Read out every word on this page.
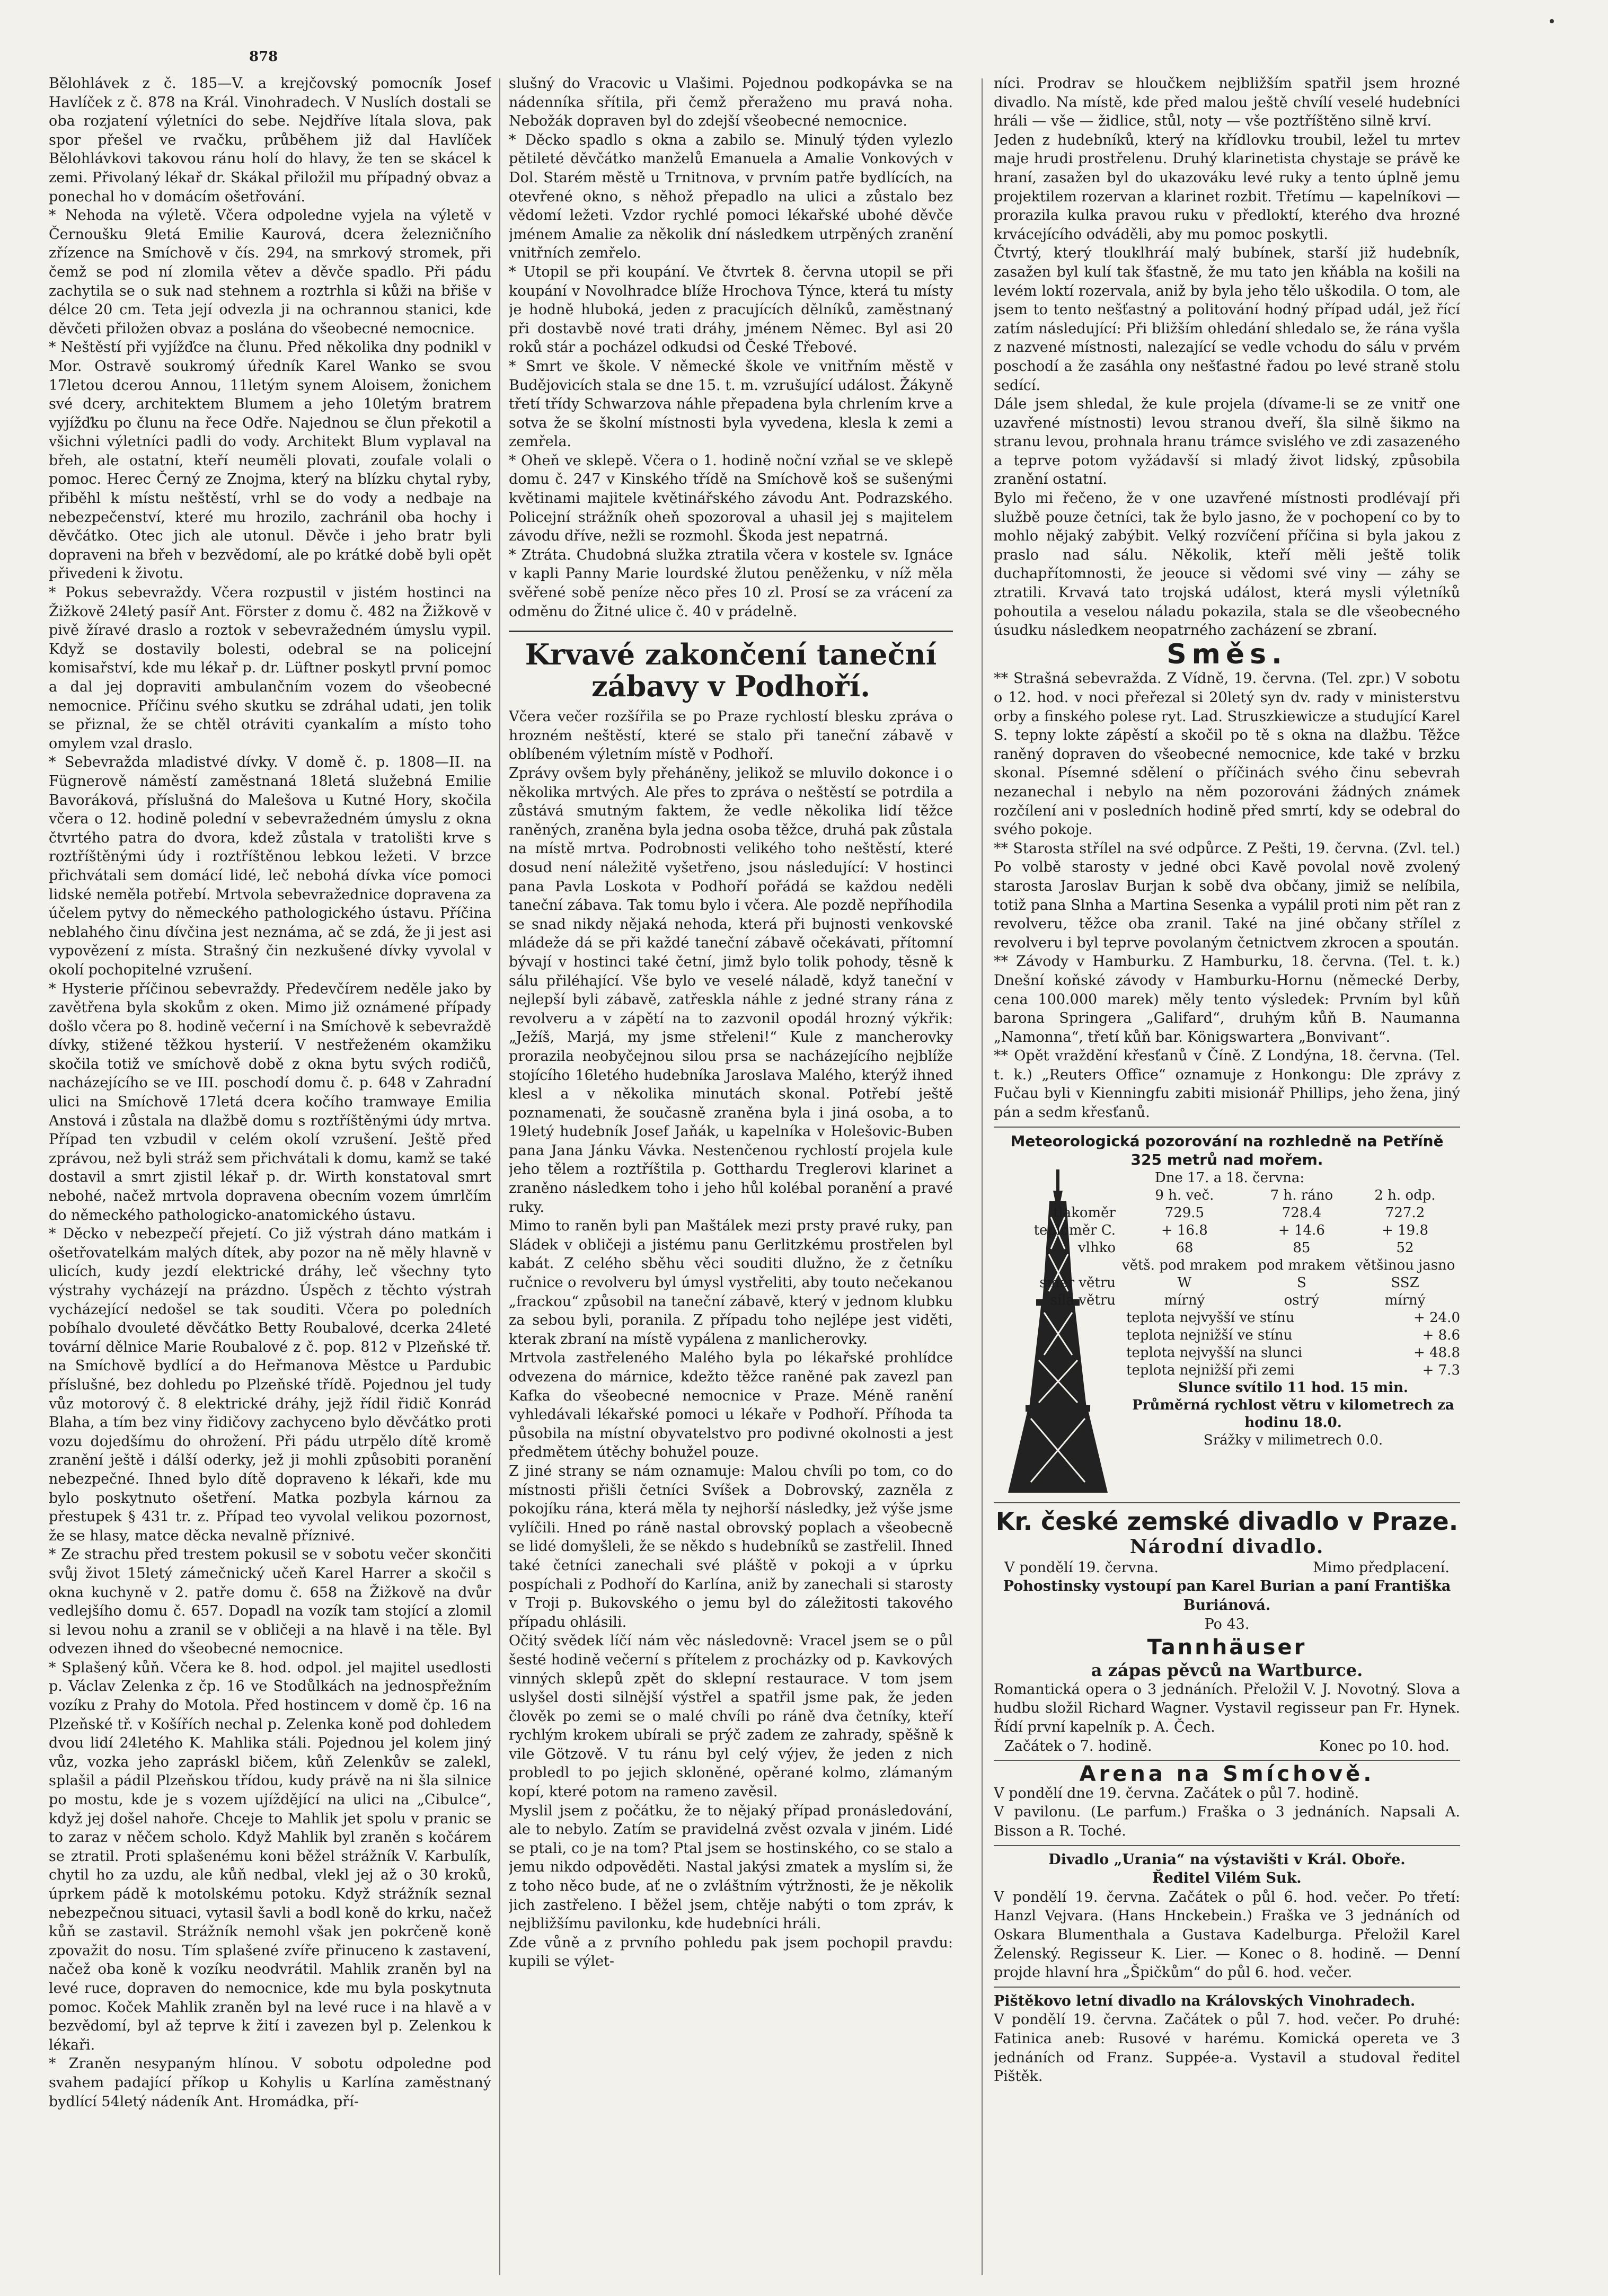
878

Bělohlávek z č. 185—V. a krejčovský pomocník Josef Havlíček z č. 878 na Král. Vinohradech. V Nuslích dostali se oba rozjatení výletníci do sebe. Nejdříve lítala slova, pak spor přešel ve rvačku, průběhem již dal Havlíček Bělohlávkovi takovou ránu holí do hlavy, že ten se skácel k zemi. Přivolaný lékař dr. Skákal přiložil mu případný obvaz a ponechal ho v domácím ošetřování.

* Nehoda na výletě. Včera odpoledne vyjela na výletě v Černoušku 9letá Emilie Kaurová, dcera železničního zřízence na Smíchově v čís. 294, na smrkový stromek, při čemž se pod ní zlomila větev a děvče spadlo. Při pádu zachytila se o suk nad stehnem a roztrhla si kůži na břiše v délce 20 cm. Teta její odvezla ji na ochrannou stanici, kde děvčeti přiložen obvaz a poslána do všeobecné nemocnice.

* Neštěstí při vyjížďce na člunu. Před několika dny podnikl v Mor. Ostravě soukromý úředník Karel Wanko se svou 17letou dcerou Annou, 11letým synem Aloisem, žonichem své dcery, architektem Blumem a jeho 10letým bratrem vyjížďku po člunu na řece Odře. Najednou se člun překotil a všichni výletníci padli do vody. Architekt Blum vyplaval na břeh, ale ostatní, kteří neuměli plovati, zoufale volali o pomoc. Herec Černý ze Znojma, který na blízku chytal ryby, přiběhl k místu neštěstí, vrhl se do vody a nedbaje na nebezpečenství, které mu hrozilo, zachránil oba hochy i děvčátko. Otec jich ale utonul. Děvče i jeho bratr byli dopraveni na břeh v bezvědomí, ale po krátké době byli opět přivedeni k životu.

* Pokus sebevraždy. Včera rozpustil v jistém hostinci na Žižkově 24letý pasíř Ant. Förster z domu č. 482 na Žižkově v pivě žíravé draslo a roztok v sebevražedném úmyslu vypil. Když se dostavily bolesti, odebral se na policejní komisařství, kde mu lékař p. dr. Lüftner poskytl první pomoc a dal jej dopraviti ambulančním vozem do všeobecné nemocnice. Příčinu svého skutku se zdráhal udati, jen tolik se přiznal, že se chtěl otráviti cyankalím a místo toho omylem vzal draslo.

* Sebevražda mladistvé dívky. V domě č. p. 1808—II. na Fügnerově náměstí zaměstnaná 18letá služebná Emilie Bavoráková, příslušná do Malešova u Kutné Hory, skočila včera o 12. hodině polední v sebevražedném úmyslu z okna čtvrtého patra do dvora, kdež zůstala v tratolišti krve s roztříštěnými údy i roztříštěnou lebkou ležeti. V brzce přichvátali sem domácí lidé, leč nebohá dívka více pomoci lidské neměla potřebí. Mrtvola sebevražednice dopravena za účelem pytvy do německého pathologického ústavu. Příčina neblahého činu dívčina jest neznáma, ač se zdá, že ji jest asi vypovězení z místa. Strašný čin nezkušené dívky vyvolal v okolí pochopitelné vzrušení.

* Hysterie příčinou sebevraždy. Předevčírem neděle jako by zavětřena byla skokům z oken. Mimo již oznámené případy došlo včera po 8. hodině večerní i na Smíchově k sebevraždě dívky, stižené těžkou hysterií. V nestřeženém okamžiku skočila totiž ve smíchově době z okna bytu svých rodičů, nacházejícího se ve III. poschodí domu č. p. 648 v Zahradní ulici na Smíchově 17letá dcera kočího tramwaye Emilia Anstová i zůstala na dlažbě domu s roztříštěnými údy mrtva. Případ ten vzbudil v celém okolí vzrušení. Ještě před zprávou, než byli stráž sem přichvátali k domu, kamž se také dostavil a smrt zjistil lékař p. dr. Wirth konstatoval smrt nebohé, načež mrtvola dopravena obecním vozem úmrlčím do německého pathologicko-anatomického ústavu.

* Děcko v nebezpečí přejetí. Co již výstrah dáno matkám i ošetřovatelkám malých dítek, aby pozor na ně měly hlavně v ulicích, kudy jezdí elektrické dráhy, leč všechny tyto výstrahy vycházejí na prázdno. Úspěch z těchto výstrah vycházející nedošel se tak souditi. Včera po poledních pobíhalo dvouleté děvčátko Betty Roubalové, dcerka 24leté tovární dělnice Marie Roubalové z č. pop. 812 v Plzeňské tř. na Smíchově bydlící a do Heřmanova Městce u Pardubic příslušné, bez dohledu po Plzeňské třídě. Pojednou jel tudy vůz motorový č. 8 elektrické dráhy, jejž řídil řidič Konrád Blaha, a tím bez viny řidičovy zachyceno bylo děvčátko proti vozu dojedšímu do ohrožení. Při pádu utrpělo dítě kromě zranění ještě i dálší oderky, jež ji mohli způsobiti poranění nebezpečné. Ihned bylo dítě dopraveno k lékaři, kde mu bylo poskytnuto ošetření. Matka pozbyla kárnou za přestupek § 431 tr. z. Případ teo vyvolal velikou pozornost, že se hlasy, matce děcka nevalně příznivé.

* Ze strachu před trestem pokusil se v sobotu večer skončiti svůj život 15letý zámečnický učeň Karel Harrer a skočil s okna kuchyně v 2. patře domu č. 658 na Žižkově na dvůr vedlejšího domu č. 657. Dopadl na vozík tam stojící a zlomil si levou nohu a zranil se v obličeji a na hlavě i na těle. Byl odvezen ihned do všeobecné nemocnice.

* Splašený kůň. Včera ke 8. hod. odpol. jel majitel usedlosti p. Václav Zelenka z čp. 16 ve Stodůlkách na jednospřežním vozíku z Prahy do Motola. Před hostincem v domě čp. 16 na Plzeňské tř. v Košířích nechal p. Zelenka koně pod dohledem dvou lidí 24letého K. Mahlika stáli. Pojednou jel kolem jiný vůz, vozka jeho zapráskl bičem, kůň Zelenkův se zalekl, splašil a pádil Plzeňskou třídou, kudy právě na ni šla silnice po mostu, kde je s vozem ujíždějící na ulici na „Cibulce“, když jej došel nahoře. Chceje to Mahlik jet spolu v pranic se to zaraz v něčem scholo. Když Mahlik byl zraněn s kočárem se ztratil. Proti splašenému koni běžel strážník V. Karbulík, chytil ho za uzdu, ale kůň nedbal, vlekl jej až o 30 kroků, úprkem pádě k motolskému potoku. Když strážník seznal nebezpečnou situaci, vytasil šavli a bodl koně do krku, načež kůň se zastavil. Strážník nemohl však jen pokrčeně koně zpovažit do nosu. Tím splašené zvíře přinuceno k zastavení, načež oba koně k vozíku neodvrátil. Mahlik zraněn byl na levé ruce, dopraven do nemocnice, kde mu byla poskytnuta pomoc. Koček Mahlik zraněn byl na levé ruce i na hlavě a v bezvědomí, byl až teprve k žití i zavezen byl p. Zelenkou k lékaři.

* Zraněn nesypaným hlínou. V sobotu odpoledne pod svahem padající příkop u Kohylis u Karlína zaměstnaný bydlící 54letý nádeník Ant. Hromádka, pří-

slušný do Vracovic u Vlašimi. Pojednou podkopávka se na nádenníka sřítila, při čemž přeraženo mu pravá noha. Nebožák dopraven byl do zdejší všeobecné nemocnice.

* Děcko spadlo s okna a zabilo se. Minulý týden vylezlo pětileté děvčátko manželů Emanuela a Amalie Vonkových v Dol. Starém městě u Trnitnova, v prvním patře bydlících, na otevřené okno, s něhož přepadlo na ulici a zůstalo bez vědomí ležeti. Vzdor rychlé pomoci lékařské ubohé děvče jménem Amalie za několik dní následkem utrpěných zranění vnitřních zemřelo.

* Utopil se při koupání. Ve čtvrtek 8. června utopil se při koupání v Novolhradce blíže Hrochova Týnce, která tu místy je hodně hluboká, jeden z pracujících dělníků, zaměstnaný při dostavbě nové trati dráhy, jménem Němec. Byl asi 20 roků stár a pocházel odkudsi od České Třebové.

* Smrt ve škole. V německé škole ve vnitřním městě v Budějovicích stala se dne 15. t. m. vzrušující událost. Žákyně třetí třídy Schwarzova náhle přepadena byla chrlením krve a sotva že se školní místnosti byla vyvedena, klesla k zemi a zemřela.

* Oheň ve sklepě. Včera o 1. hodině noční vzňal se ve sklepě domu č. 247 v Kinského třídě na Smíchově koš se sušenými květinami majitele květinářského závodu Ant. Podrazského. Policejní strážník oheň spozoroval a uhasil jej s majitelem závodu dříve, nežli se rozmohl. Škoda jest nepatrná.

* Ztráta. Chudobná služka ztratila včera v kostele sv. Ignáce v kapli Panny Marie lourdské žlutou peněženku, v níž měla svěřené sobě peníze něco přes 10 zl. Prosí se za vrácení za odměnu do Žitné ulice č. 40 v prádelně.

Krvavé zakončení taneční zábavy v Podhoří.

Včera večer rozšířila se po Praze rychlostí blesku zpráva o hrozném neštěstí, které se stalo při taneční zábavě v oblíbeném výletním místě v Podhoří.

Zprávy ovšem byly přeháněny, jelikož se mluvilo dokonce i o několika mrtvých. Ale přes to zpráva o neštěstí se potrdila a zůstává smutným faktem, že vedle několika lidí těžce raněných, zraněna byla jedna osoba těžce, druhá pak zůstala na místě mrtva. Podrobnosti velikého toho neštěstí, které dosud není náležitě vyšetřeno, jsou následující: V hostinci pana Pavla Loskota v Podhoří pořádá se každou neděli taneční zábava. Tak tomu bylo i včera. Ale pozdě nepříhodila se snad nikdy nějaká nehoda, která při bujnosti venkovské mládeže dá se při každé taneční zábavě očekávati, přítomní bývají v hostinci také četní, jimž bylo tolik pohody, těsně k sálu přiléhající. Vše bylo ve veselé náladě, když taneční v nejlepší byli zábavě, zatřeskla náhle z jedné strany rána z revolveru a v zápětí na to zazvonil opodál hrozný výkřik: „Ježíš, Marjá, my jsme střeleni!“ Kule z mancherovky prorazila neobyčejnou silou prsa se nacházejícího nejblíže stojícího 16letého hudebníka Jaroslava Malého, kterýž ihned klesl a v několika minutách skonal. Potřebí ještě poznamenati, že současně zraněna byla i jiná osoba, a to 19letý hudebník Josef Jaňák, u kapelníka v Holešovic-Buben pana Jana Jánku Vávka. Nestenčenou rychlostí projela kule jeho tělem a roztříštila p. Gotthardu Treglerovi klarinet a zraněno následkem toho i jeho hůl kolébal poranění a pravé ruky.

Mimo to raněn byli pan Maštálek mezi prsty pravé ruky, pan Sládek v obličeji a jistému panu Gerlitzkému prostřelen byl kabát. Z celého sběhu věci souditi dlužno, že z četníku ručnice o revolveru byl úmysl vystřeliti, aby touto nečekanou „frackou“ způsobil na taneční zábavě, který v jednom klubku za sebou byli, poranila. Z případu toho nejlépe jest viděti, kterak zbraní na místě vypálena z manlicherovky.

Mrtvola zastřeleného Malého byla po lékařské prohlídce odvezena do márnice, kdežto těžce raněné pak zavezl pan Kafka do všeobecné nemocnice v Praze. Méně ranění vyhledávali lékařské pomoci u lékaře v Podhoří. Příhoda ta působila na místní obyvatelstvo pro podivné okolnosti a jest předmětem útěchy bohužel pouze.

Z jiné strany se nám oznamuje: Malou chvíli po tom, co do místnosti přišli četníci Svíšek a Dobrovský, zazněla z pokojíku rána, která měla ty nejhorší následky, jež výše jsme vylíčili. Hned po ráně nastal obrovský poplach a všeobecně se lidé domyšleli, že se někdo s hudebníků se zastřelil. Ihned také četníci zanechali své pláště v pokoji a v úprku pospíchali z Podhoří do Karlína, aniž by zanechali si starosty v Troji p. Bukovského o jemu byl do záležitosti takového případu ohlásili.

Očitý svědek líčí nám věc následovně: Vracel jsem se o půl šesté hodině večerní s přítelem z procházky od p. Kavkových vinných sklepů zpět do sklepní restaurace. V tom jsem uslyšel dosti silnější výstřel a spatřil jsme pak, že jeden člověk po zemi se o malé chvíli po ráně dva četníky, kteří rychlým krokem ubírali se prýč zadem ze zahrady, spěšně k vile Götzově. V tu ránu byl celý výjev, že jeden z nich probledl to po jejich skloněné, opěrané kolmo, zlámaným kopí, které potom na rameno zavěsil.

Myslil jsem z počátku, že to nějaký případ pronásledování, ale to nebylo. Zatím se pravidelná zvěst ozvala v jiném. Lidé se ptali, co je na tom? Ptal jsem se hostinského, co se stalo a jemu nikdo odpověděti. Nastal jakýsi zmatek a myslím si, že z toho něco bude, ať ne o zvláštním výtržnosti, že je několik jich zastřeleno. I běžel jsem, chtěje nabýti o tom zpráv, k nejbližšímu pavilonku, kde hudebníci hráli.

Zde vůně a z prvního pohledu pak jsem pochopil pravdu: kupili se výlet-

níci. Prodrav se hloučkem nejbližším spatřil jsem hrozné divadlo. Na místě, kde před malou ještě chvílí veselé hudebníci hráli — vše — židlice, stůl, noty — vše poztříštěno silně krví.

Jeden z hudebníků, který na křídlovku troubil, ležel tu mrtev maje hrudi prostřelenu. Druhý klarinetista chystaje se právě ke hraní, zasažen byl do ukazováku levé ruky a tento úplně jemu projektilem rozervan a klarinet rozbit. Třetímu — kapelníkovi — prorazila kulka pravou ruku v předloktí, kterého dva hrozné krvácejícího odváděli, aby mu pomoc poskytli.

Čtvrtý, který tlouklhráí malý bubínek, starší již hudebník, zasažen byl kulí tak šťastně, že mu tato jen kňábla na košili na levém loktí rozervala, aniž by byla jeho tělo uškodila. O tom, ale jsem to tento nešťastný a politování hodný případ udál, jež řící zatím následující: Při bližším ohledání shledalo se, že rána vyšla z nazvené místnosti, nalezající se vedle vchodu do sálu v prvém poschodí a že zasáhla ony nešťastné řadou po levé straně stolu sedící.

Dále jsem shledal, že kule projela (dívame-li se ze vnitř one uzavřené místnosti) levou stranou dveří, šla silně šikmo na stranu levou, prohnala hranu trámce svislého ve zdi zasazeného a teprve potom vyžádavší si mladý život lidský, způsobila zranění ostatní.

Bylo mi řečeno, že v one uzavřené místnosti prodlévají při službě pouze četníci, tak že bylo jasno, že v pochopení co by to mohlo nějaký zabýbit. Velký rozvíčení příčina si byla jakou z praslo nad sálu. Několik, kteří měli ještě tolik duchapřítomnosti, že jeouce si vědomi své viny — záhy se ztratili. Krvavá tato trojská událost, která mysli výletníků pohoutila a veselou náladu pokazila, stala se dle všeobecného úsudku následkem neopatrného zacházení se zbraní.

Směs.

** Strašná sebevražda. Z Vídně, 19. června. (Tel. zpr.) V sobotu o 12. hod. v noci přeřezal si 20letý syn dv. rady v ministerstvu orby a finského polese ryt. Lad. Struszkiewicze a studující Karel S. tepny lokte zápěstí a skočil po tě s okna na dlažbu. Těžce raněný dopraven do všeobecné nemocnice, kde také v brzku skonal. Písemné sdělení o příčinách svého činu sebevrah nezanechal i nebylo na něm pozorováni žádných známek rozčílení ani v posledních hodině před smrtí, kdy se odebral do svého pokoje.

** Starosta střílel na své odpůrce. Z Pešti, 19. června. (Zvl. tel.) Po volbě starosty v jedné obci Kavě povolal nově zvolený starosta Jaroslav Burjan k sobě dva občany, jimiž se nelíbila, totiž pana Slnha a Martina Sesenka a vypálil proti nim pět ran z revolveru, těžce oba zranil. Také na jiné občany střílel z revolveru i byl teprve povolaným četnictvem zkrocen a spoután.

** Závody v Hamburku. Z Hamburku, 18. června. (Tel. t. k.) Dnešní koňské závody v Hamburku-Hornu (německé Derby, cena 100.000 marek) měly tento výsledek: Prvním byl kůň barona Springera „Galifard“, druhým kůň B. Naumanna „Namonna“, třetí kůň bar. Königswartera „Bonvivant“.

** Opět vraždění křesťanů v Číně. Z Londýna, 18. června. (Tel. t. k.) „Reuters Office“ oznamuje z Honkongu: Dle zprávy z Fučau byli v Kienningfu zabiti misionář Phillips, jeho žena, jiný pán a sedm křesťanů.

Meteorologická pozorování na rozhledně na Petříně
325 metrů nad mořem.
Dne 17. a 18. června:
	9 h. več.	7 h. ráno	2 h. odp.
tlakoměr	729.5	728.4	727.2
teploměr C.	+ 16.8	+ 14.6	+ 19.8
vlhko	68	85	52
	větš. pod mrakem	pod mrakem	většinou jasno
směr větru	W	S	SSZ
síla větru	mírný	ostrý	mírný
teplota nejvyšší ve stínu	+ 24.0
teplota nejnižší ve stínu	+ 8.6
teplota nejvyšší na slunci	+ 48.8
teplota nejnižší při zemi	+ 7.3
Slunce svítilo 11 hod. 15 min.
Průměrná rychlost větru v kilometrech za hodinu 18.0.
Srážky v milimetrech 0.0.
Kr. české zemské divadlo v Praze.
Národní divadlo.
V pondělí 19. června.	Mimo předplacení.
Pohostinsky vystoupí pan Karel Burian a paní Františka Buriánová.
Po 43.
Tannhäuser
a zápas pěvců na Wartburce.

Romantická opera o 3 jednáních. Přeložil V. J. Novotný. Slova a hudbu složil Richard Wagner. Vystavil regisseur pan Fr. Hynek. Řídí první kapelník p. A. Čech.

Začátek o 7. hodině.	Konec po 10. hod.
Arena na Smíchově.

V pondělí dne 19. června. Začátek o půl 7. hodině.

V pavilonu. (Le parfum.) Fraška o 3 jednáních. Napsali A. Bisson a R. Toché.

Divadlo „Urania“ na výstavišti v Král. Oboře.
Ředitel Vilém Suk.

V pondělí 19. června. Začátek o půl 6. hod. večer. Po třetí: Hanzl Vejvara. (Hans Hnckebein.) Fraška ve 3 jednáních od Oskara Blumenthala a Gustava Kadelburga. Přeložil Karel Želenský. Regisseur K. Lier. — Konec o 8. hodině. — Denní projde hlavní hra „Špičkům“ do půl 6. hod. večer.

Pištěkovo letní divadlo na Královských Vinohradech.

V pondělí 19. června. Začátek o půl 7. hod. večer. Po druhé: Fatinica aneb: Rusové v harému. Komická opereta ve 3 jednáních od Franz. Suppée-a. Vystavil a studoval ředitel Pištěk.
